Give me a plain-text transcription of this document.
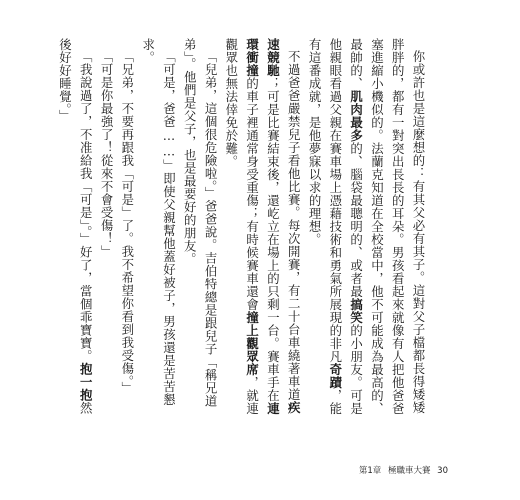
你或許也是這麼想的：有其父必有其子。這對父子檔都長得矮矮胖胖的，都有一對突出長長的耳朵。男孩看起來就像有人把他爸爸塞進縮小機似的。法蘭克知道在全校當中，他不可能成為最高的、最帥的、肌肉最多的、腦袋最聰明的、或者最搞笑的小朋友。可是他親眼看過父親在賽車場上憑藉技術和勇氣所展現的非凡奇蹟，能有這番成就，是他夢寐以求的理想。

不過爸爸嚴禁兒子看他比賽。每次開賽，有二十台車繞著車道疾速競馳；可是比賽結束後，還屹立在場上的只剩一台。賽車手在連環衝撞的車子裡通常身受重傷；有時候賽車還會撞上觀眾席，就連觀眾也無法倖免於難。

「兒弟，這個很危險啦。」爸爸說。吉伯特總是跟兒子「稱兄道弟」。他們是父子，也是最要好的朋友。

「可是，爸爸……」即使父親幫他蓋好被子，男孩還是苦苦懇求。

「兄弟，不要再跟我「可是」了。我不希望你看到我受傷。」

「可是你最強了！從來不會受傷！」

「我說過了，不准給我「可是」。」好了，當個乖寶寶。抱一抱然後好好睡覺。」

第1章 極職車大賽 30
